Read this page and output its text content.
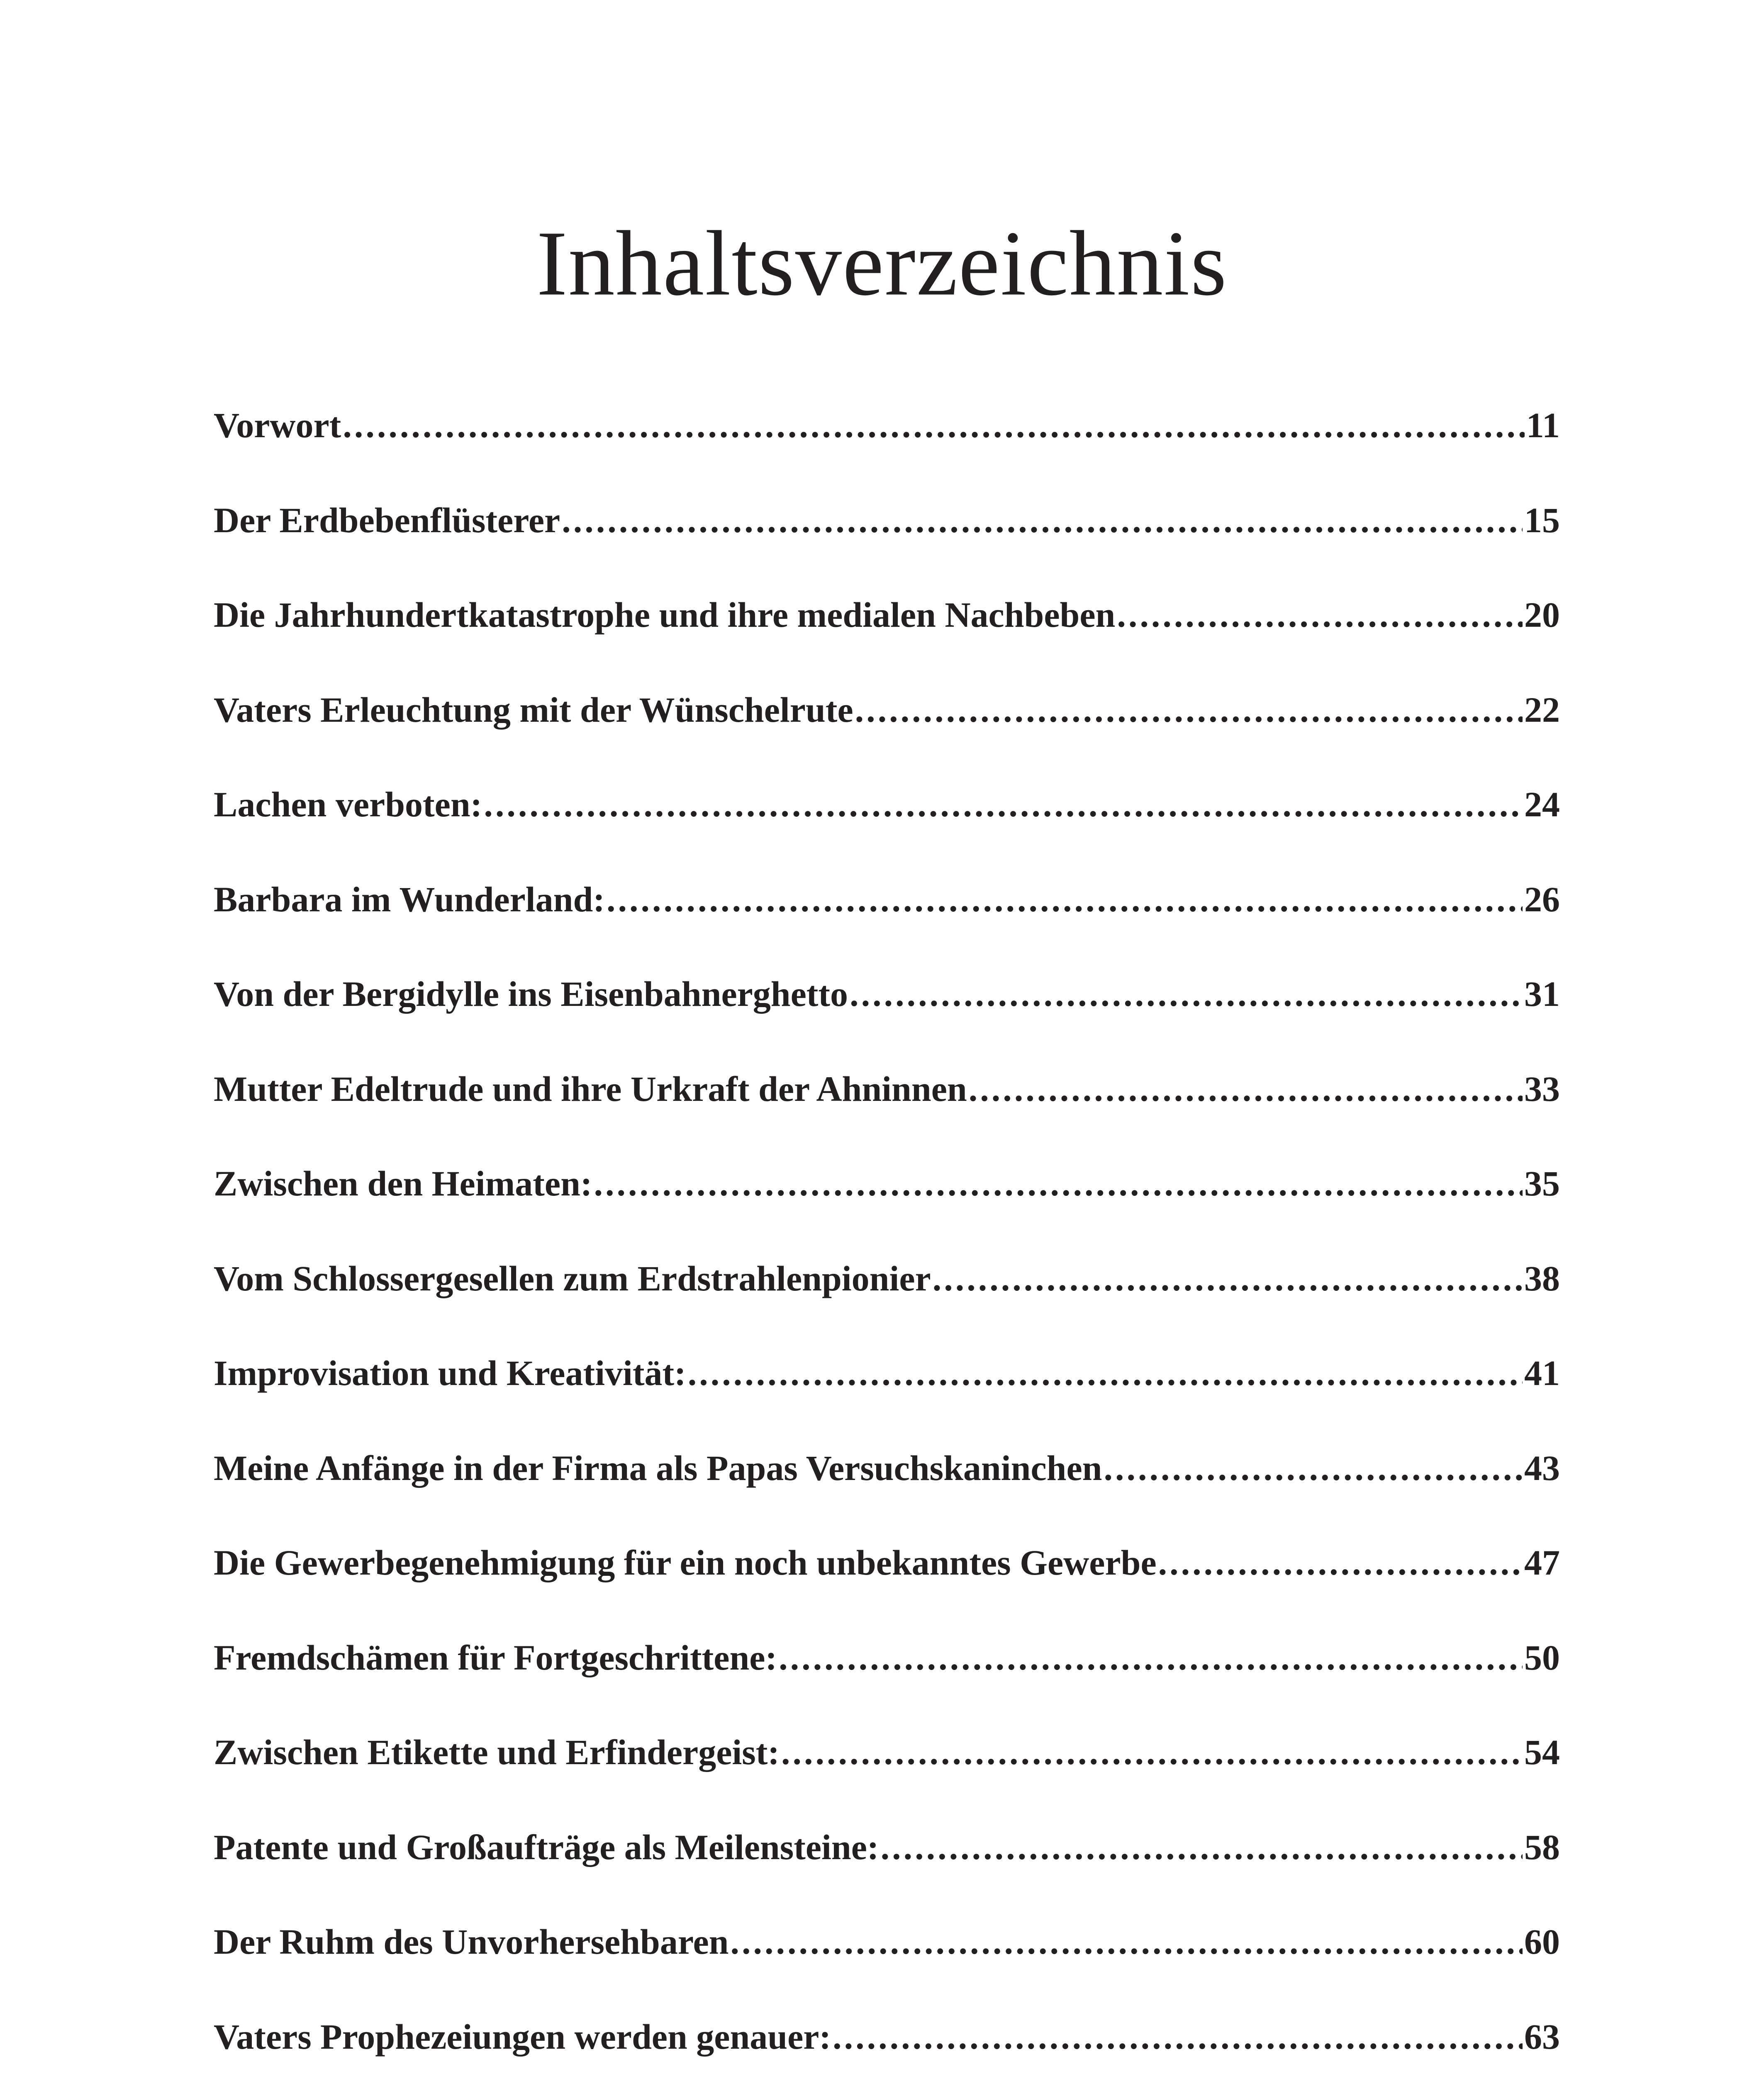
Inhaltsverzeichnis
Vorwort .....	11
Der Erdbebenflüsterer .....	15
Die Jahrhundertkatastrophe und ihre medialen Nachbeben .....	20
Vaters Erleuchtung mit der Wünschelrute .....	22
Lachen verboten: .....	24
Barbara im Wunderland: .....	26
Von der Bergidylle ins Eisenbahnerghetto .....	31
Mutter Edeltrude und ihre Urkraft der Ahninnen .....	33
Zwischen den Heimaten: .....	35
Vom Schlossergesellen zum Erdstrahlenpionier .....	38
Improvisation und Kreativität: .....	41
Meine Anfänge in der Firma als Papas Versuchskaninchen .....	43
Die Gewerbegenehmigung für ein noch unbekanntes Gewerbe .....	47
Fremdschämen für Fortgeschrittene: .....	50
Zwischen Etikette und Erfindergeist: .....	54
Patente und Großaufträge als Meilensteine: .....	58
Der Ruhm des Unvorhersehbaren .....	60
Vaters Prophezeiungen werden genauer: .....	63
